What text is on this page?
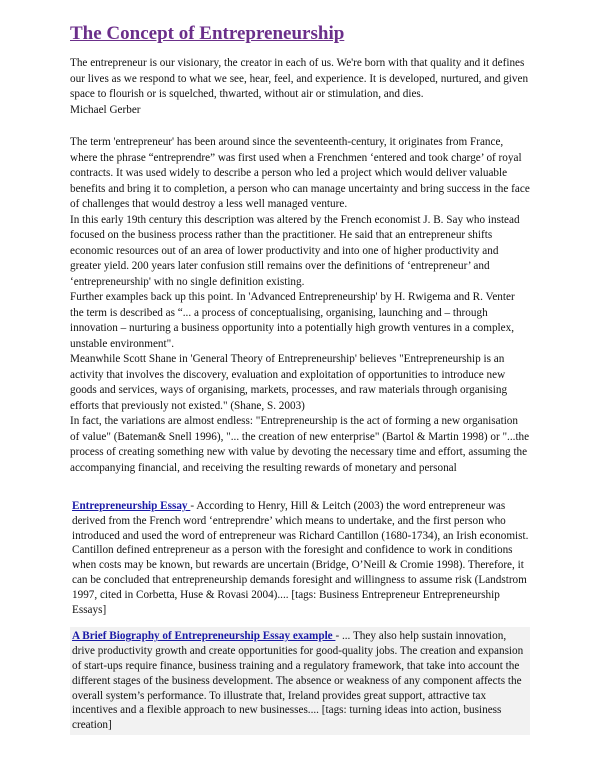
The Concept of Entrepreneurship

The entrepreneur is our visionary, the creator in each of us. We're born with that quality and it defines our lives as we respond to what we see, hear, feel, and experience. It is developed, nurtured, and given space to flourish or is squelched, thwarted, without air or stimulation, and dies.

Michael Gerber

The term 'entrepreneur' has been around since the seventeenth-century, it originates from France, where the phrase “entreprendre” was first used when a Frenchmen ‘entered and took charge’ of royal contracts. It was used widely to describe a person who led a project which would deliver valuable benefits and bring it to completion, a person who can manage uncertainty and bring success in the face of challenges that would destroy a less well managed venture.

In this early 19th century this description was altered by the French economist J. B. Say who instead focused on the business process rather than the practitioner. He said that an entrepreneur shifts economic resources out of an area of lower productivity and into one of higher productivity and greater yield. 200 years later confusion still remains over the definitions of ‘entrepreneur’ and ‘entrepreneurship' with no single definition existing.

Further examples back up this point. In 'Advanced Entrepreneurship' by H. Rwigema and R. Venter the term is described as “... a process of conceptualising, organising, launching and – through innovation – nurturing a business opportunity into a potentially high growth ventures in a complex, unstable environment".

Meanwhile Scott Shane in 'General Theory of Entrepreneurship' believes "Entrepreneurship is an activity that involves the discovery, evaluation and exploitation of opportunities to introduce new goods and services, ways of organising, markets, processes, and raw materials through organising efforts that previously not existed." (Shane, S. 2003)

In fact, the variations are almost endless: "Entrepreneurship is the act of forming a new organisation of value" (Bateman& Snell 1996), "... the creation of new enterprise" (Bartol & Martin 1998) or "...the process of creating something new with value by devoting the necessary time and effort, assuming the accompanying financial, and receiving the resulting rewards of monetary and personal

Entrepreneurship Essay - According to Henry, Hill & Leitch (2003) the word entrepreneur was derived from the French word ‘entreprendre’ which means to undertake, and the first person who introduced and used the word of entrepreneur was Richard Cantillon (1680-1734), an Irish economist. Cantillon defined entrepreneur as a person with the foresight and confidence to work in conditions when costs may be known, but rewards are uncertain (Bridge, O’Neill & Cromie 1998). Therefore, it can be concluded that entrepreneurship demands foresight and willingness to assume risk (Landstrom 1997, cited in Corbetta, Huse & Rovasi 2004).... [tags: Business Entrepreneur Entrepreneurship Essays]
A Brief Biography of Entrepreneurship Essay example - ... They also help sustain innovation, drive productivity growth and create opportunities for good-quality jobs. The creation and expansion of start-ups require finance, business training and a regulatory framework, that take into account the different stages of the business development. The absence or weakness of any component affects the overall system’s performance. To illustrate that, Ireland provides great support, attractive tax incentives and a flexible approach to new businesses.... [tags: turning ideas into action, business creation]
